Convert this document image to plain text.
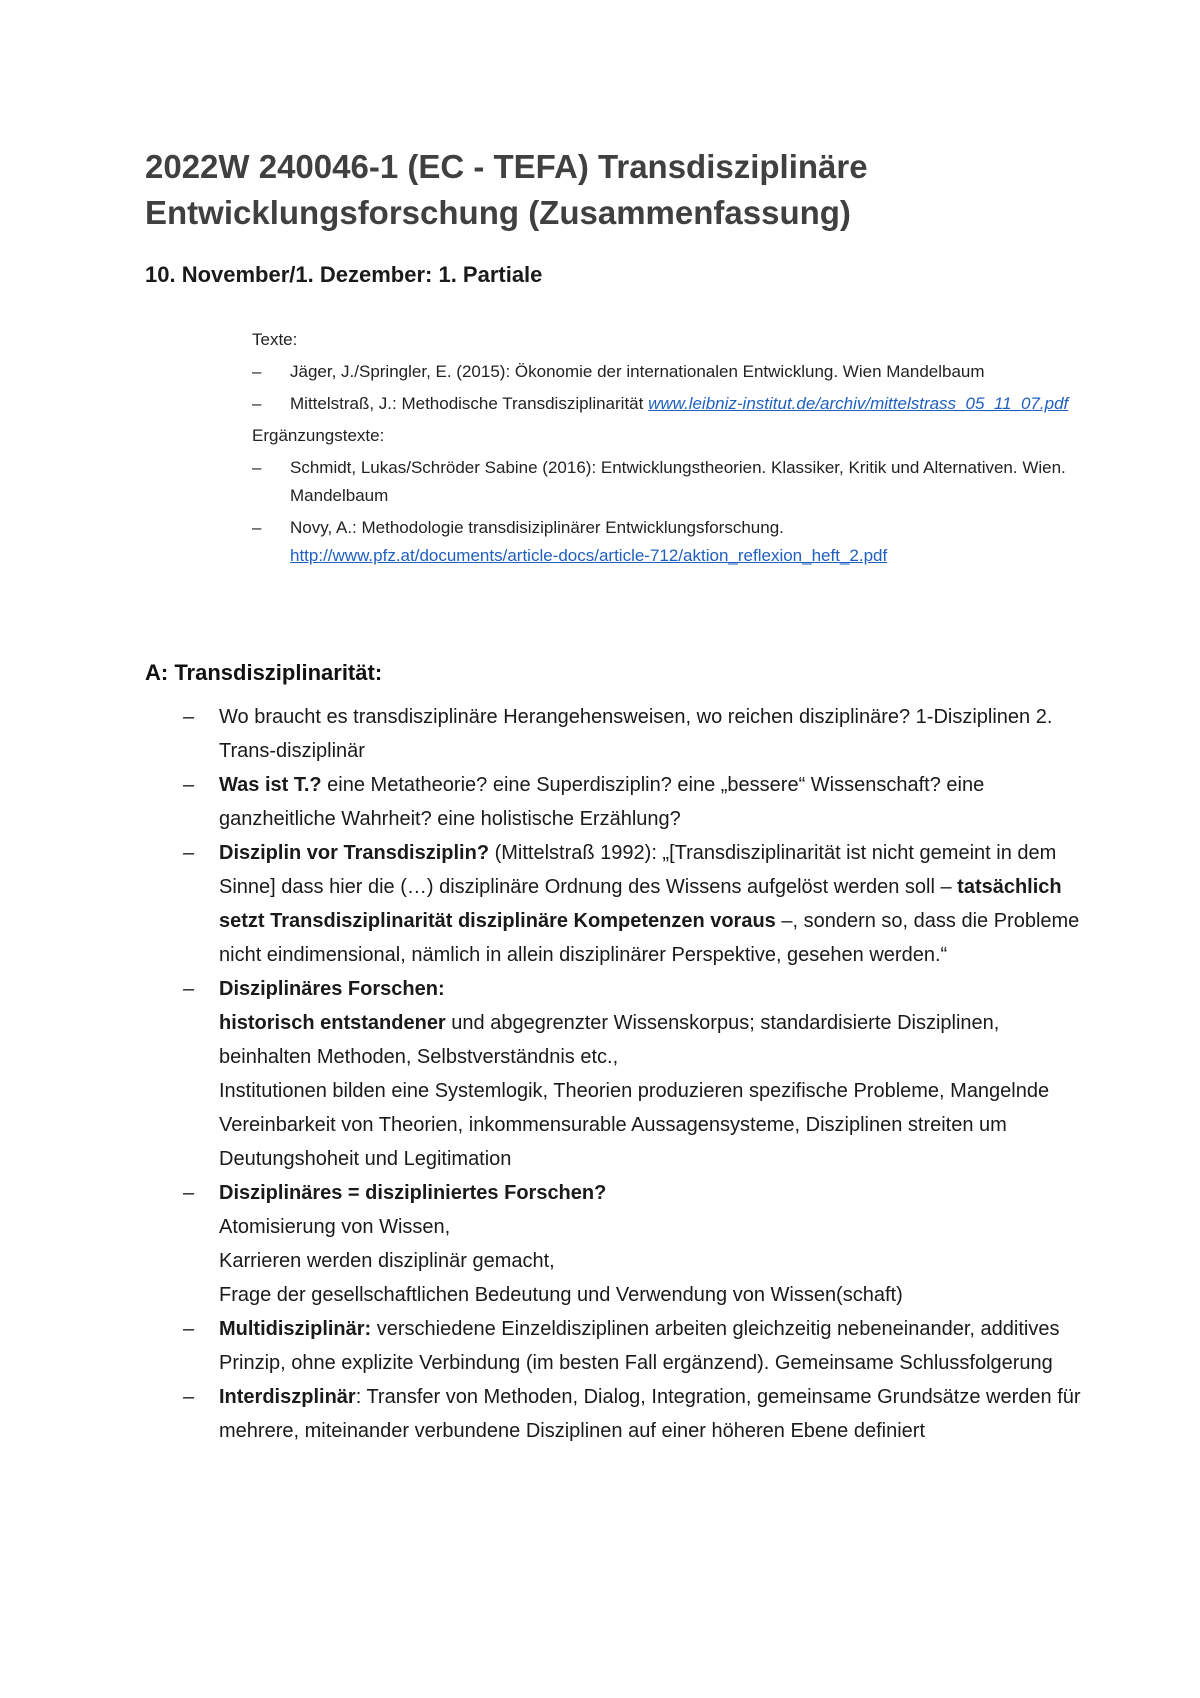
2022W 240046-1 (EC - TEFA) Transdisziplinäre Entwicklungsforschung (Zusammenfassung)
10. November/1. Dezember: 1. Partiale
Texte:
– Jäger, J./Springler, E. (2015): Ökonomie der internationalen Entwicklung. Wien Mandelbaum
– Mittelstraß, J.: Methodische Transdisziplinarität www.leibniz-institut.de/archiv/mittelstrass_05_11_07.pdf
Ergänzungstexte:
– Schmidt, Lukas/Schröder Sabine (2016): Entwicklungstheorien. Klassiker, Kritik und Alternativen. Wien. Mandelbaum
– Novy, A.: Methodologie transdisiziplinärer Entwicklungsforschung.
http://www.pfz.at/documents/article-docs/article-712/aktion_reflexion_heft_2.pdf
A: Transdisziplinarität:
– Wo braucht es transdisziplinäre Herangehensweisen, wo reichen disziplinäre? 1-Disziplinen 2. Trans-disziplinär
– Was ist T.? eine Metatheorie? eine Superdisziplin? eine „bessere“ Wissenschaft? eine ganzheitliche Wahrheit? eine holistische Erzählung?
– Disziplin vor Transdisziplin? (Mittelstraß 1992): „[Transdisziplinarität ist nicht gemeint in dem Sinne] dass hier die (…) disziplinäre Ordnung des Wissens aufgelöst werden soll – tatsächlich setzt Transdisziplinarität disziplinäre Kompetenzen voraus –, sondern so, dass die Probleme nicht eindimensional, nämlich in allein disziplinärer Perspektive, gesehen werden.“
– Disziplinäres Forschen:
historisch entstandener und abgegrenzter Wissenskorpus; standardisierte Disziplinen, beinhalten Methoden, Selbstverständnis etc.,
Institutionen bilden eine Systemlogik, Theorien produzieren spezifische Probleme, Mangelnde Vereinbarkeit von Theorien, inkommensurable Aussagensysteme, Disziplinen streiten um Deutungshoheit und Legitimation
– Disziplinäres = diszipliniertes Forschen?
Atomisierung von Wissen,
Karrieren werden disziplinär gemacht,
Frage der gesellschaftlichen Bedeutung und Verwendung von Wissen(schaft)
– Multidisziplinär: verschiedene Einzeldisziplinen arbeiten gleichzeitig nebeneinander, additives Prinzip, ohne explizite Verbindung (im besten Fall ergänzend). Gemeinsame Schlussfolgerung
– Interdiszplinär: Transfer von Methoden, Dialog, Integration, gemeinsame Grundsätze werden für mehrere, miteinander verbundene Disziplinen auf einer höheren Ebene definiert
